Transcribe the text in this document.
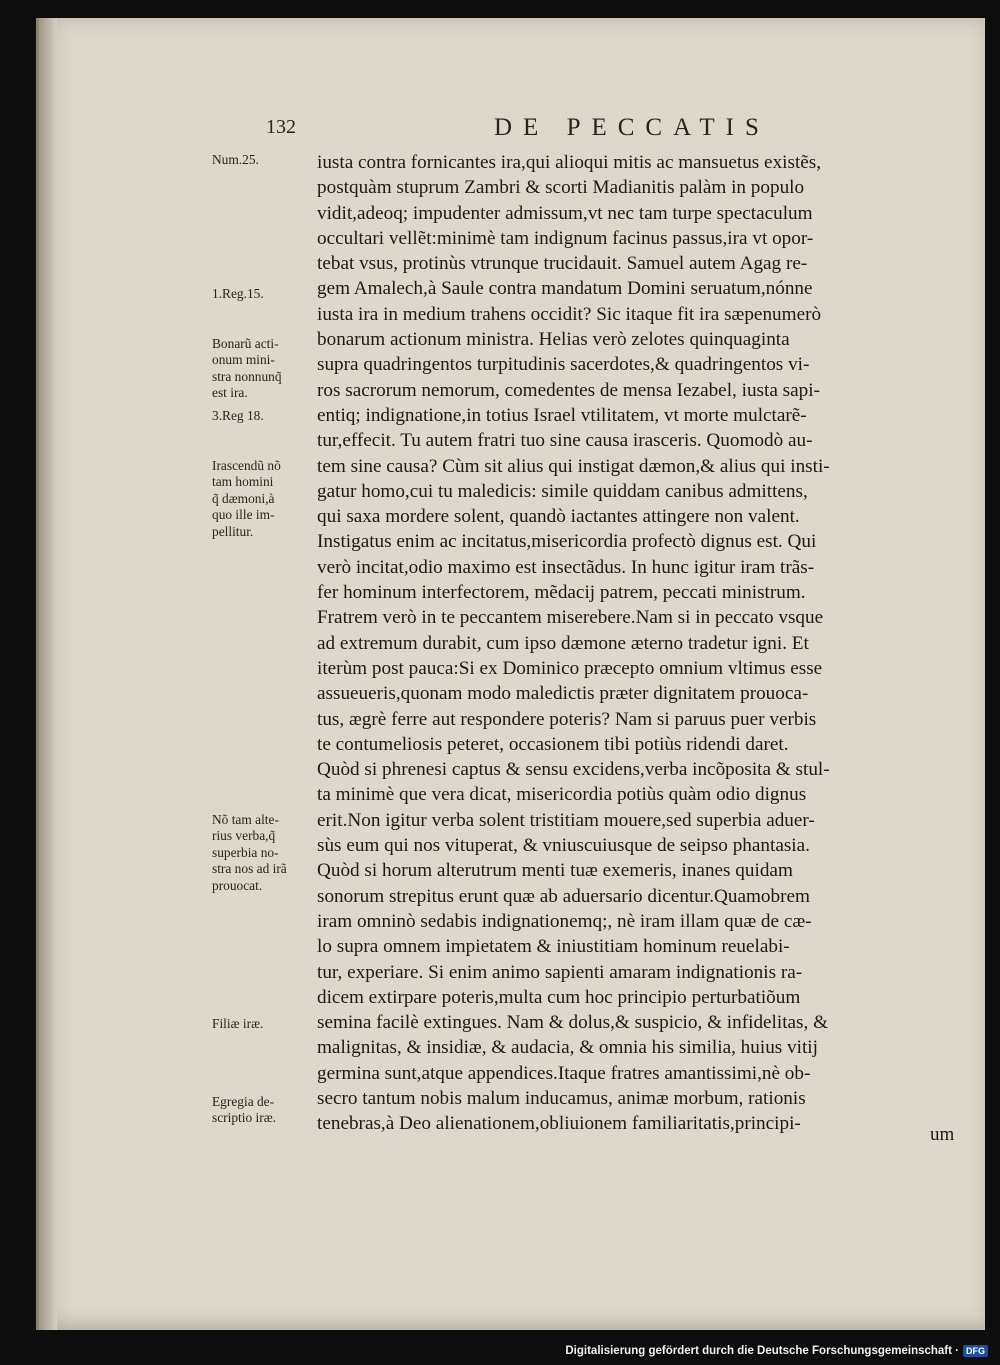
132	DE PECCATIS
Num.25.
1.Reg.15.
Bonarũ acti-
onum mini-
stra nonnunq̃
est ira.
3.Reg 18.
Irascendũ nõ
tam homini
q̃ dæmoni,à
quo ille im-
pellitur.
Nõ tam alte-
rius verba,q̃
superbia no-
stra nos ad irã
prouocat.
Filiæ iræ.
Egregia de-
scriptio iræ.
iusta contra fornicantes ira,qui alioqui mitis ac mansuetus existẽs,
postquàm stuprum Zambri & scorti Madianitis palàm in populo
vidit,adeoq; impudenter admissum,vt nec tam turpe spectaculum
occultari vellẽt:minimè tam indignum facinus passus,ira vt opor-
tebat vsus, protinùs vtrunque trucidauit. Samuel autem Agag re-
gem Amalech,à Saule contra mandatum Domini seruatum,nónne
iusta ira in medium trahens occidit? Sic itaque fit ira sæpenumerò
bonarum actionum ministra. Helias verò zelotes quinquaginta
supra quadringentos turpitudinis sacerdotes,& quadringentos vi-
ros sacrorum nemorum, comedentes de mensa Iezabel, iusta sapi-
entiq; indignatione,in totius Israel vtilitatem, vt morte mulctarẽ-
tur,effecit. Tu autem fratri tuo sine causa irasceris. Quomodò au-
tem sine causa? Cùm sit alius qui instigat dæmon,& alius qui insti-
gatur homo,cui tu maledicis: simile quiddam canibus admittens,
qui saxa mordere solent, quandò iactantes attingere non valent.
Instigatus enim ac incitatus,misericordia profectò dignus est. Qui
verò incitat,odio maximo est insectãdus. In hunc igitur iram trãs-
fer hominum interfectorem, mẽdacij patrem, peccati ministrum.
Fratrem verò in te peccantem miserebere.Nam si in peccato vsque
ad extremum durabit, cum ipso dæmone æterno tradetur igni. Et
iterùm post pauca:Si ex Dominico præcepto omnium vltimus esse
assueueris,quonam modo maledictis præter dignitatem prouoca-
tus, ægrè ferre aut respondere poteris? Nam si paruus puer verbis
te contumeliosis peteret, occasionem tibi potiùs ridendi daret.
Quòd si phrenesi captus & sensu excidens,verba incõposita & stul-
ta minimè que vera dicat, misericordia potiùs quàm odio dignus
erit.Non igitur verba solent tristitiam mouere,sed superbia aduer-
sùs eum qui nos vituperat, & vniuscuiusque de seipso phantasia.
Quòd si horum alterutrum menti tuæ exemeris, inanes quidam
sonorum strepitus erunt quæ ab aduersario dicentur.Quamobrem
iram omninò sedabis indignationemq;, nè iram illam quæ de cæ-
lo supra omnem impietatem & iniustitiam hominum reuelabi-
tur, experiare. Si enim animo sapienti amaram indignationis ra-
dicem extirpare poteris,multa cum hoc principio perturbatiõum
semina facilè extingues. Nam & dolus,& suspicio, & infidelitas, &
malignitas, & insidiæ, & audacia, & omnia his similia, huius vitij
germina sunt,atque appendices.Itaque fratres amantissimi,nè ob-
secro tantum nobis malum inducamus, animæ morbum, rationis
tenebras,à Deo alienationem,obliuionem familiaritatis,principi-
um
Digitalisierung gefördert durch die Deutsche Forschungsgemeinschaft · DFG
